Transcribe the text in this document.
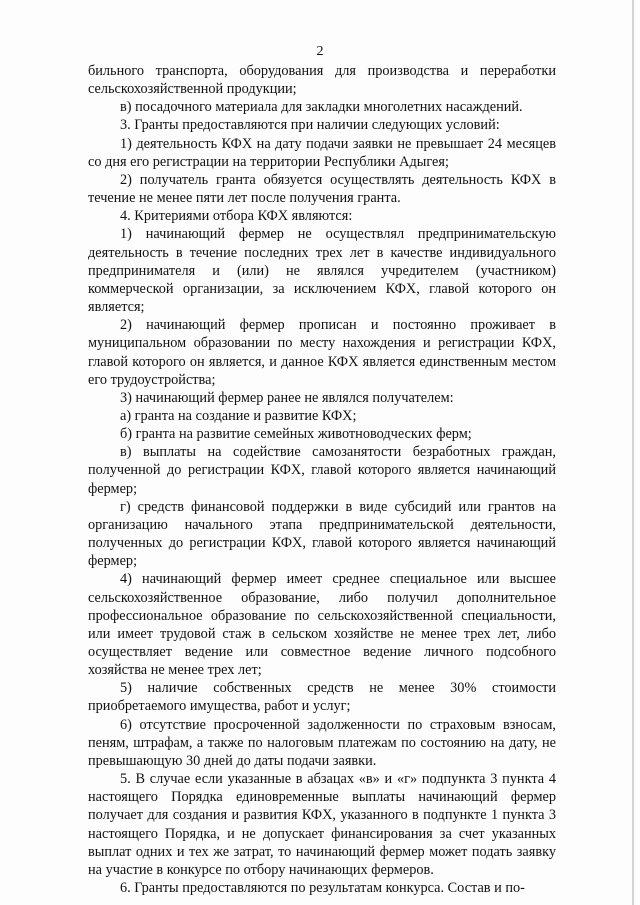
2

бильного транспорта, оборудования для производства и переработки сельскохозяйственной продукции;

в) посадочного материала для закладки многолетних насаждений.

3. Гранты предоставляются при наличии следующих условий:

1) деятельность КФХ на дату подачи заявки не превышает 24 месяцев со дня его регистрации на территории Республики Адыгея;

2) получатель гранта обязуется осуществлять деятельность КФХ в течение не менее пяти лет после получения гранта.

4. Критериями отбора КФХ являются:

1) начинающий фермер не осуществлял предпринимательскую деятельность в течение последних трех лет в качестве индивидуального предпринимателя и (или) не являлся учредителем (участником) коммерческой организации, за исключением КФХ, главой которого он является;

2) начинающий фермер прописан и постоянно проживает в муниципальном образовании по месту нахождения и регистрации КФХ, главой которого он является, и данное КФХ является единственным местом его трудоустройства;

3) начинающий фермер ранее не являлся получателем:

а) гранта на создание и развитие КФХ;

б) гранта на развитие семейных животноводческих ферм;

в) выплаты на содействие самозанятости безработных граждан, полученной до регистрации КФХ, главой которого является начинающий фермер;

г) средств финансовой поддержки в виде субсидий или грантов на организацию начального этапа предпринимательской деятельности, полученных до регистрации КФХ, главой которого является начинающий фермер;

4) начинающий фермер имеет среднее специальное или высшее сельскохозяйственное образование, либо получил дополнительное профессиональное образование по сельскохозяйственной специальности, или имеет трудовой стаж в сельском хозяйстве не менее трех лет, либо осуществляет ведение или совместное ведение личного подсобного хозяйства не менее трех лет;

5) наличие собственных средств не менее 30% стоимости приобретаемого имущества, работ и услуг;

6) отсутствие просроченной задолженности по страховым взносам, пеням, штрафам, а также по налоговым платежам по состоянию на дату, не превышающую 30 дней до даты подачи заявки.

5. В случае если указанные в абзацах «в» и «г» подпункта 3 пункта 4 настоящего Порядка единовременные выплаты начинающий фермер получает для создания и развития КФХ, указанного в подпункте 1 пункта 3 настоящего Порядка, и не допускает финансирования за счет указанных выплат одних и тех же затрат, то начинающий фермер может подать заявку на участие в конкурсе по отбору начинающих фермеров.

6. Гранты предоставляются по результатам конкурса. Состав и по-
